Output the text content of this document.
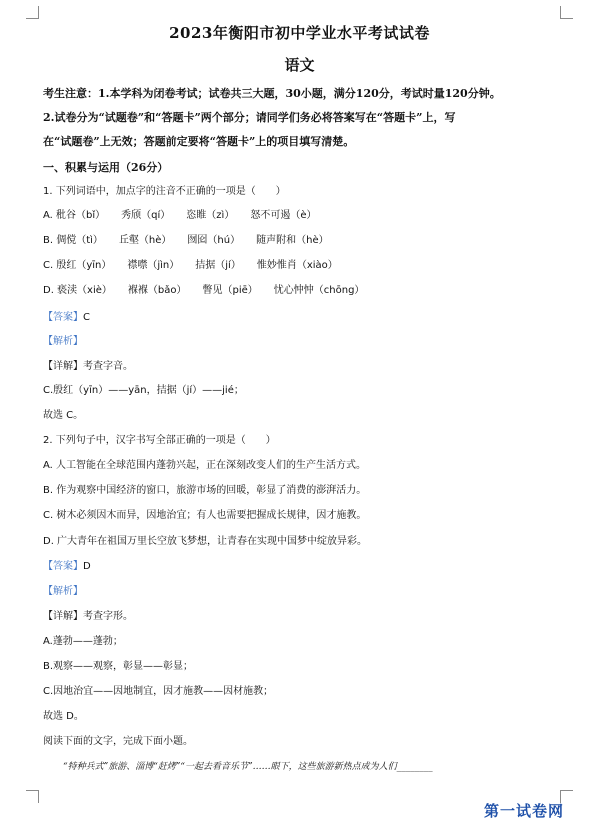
2023年衡阳市初中学业水平考试试卷
语文
考生注意：1.本学科为闭卷考试；试卷共三大题，30小题，满分120分，考试时量120分钟。
2.试卷分为“试题卷”和“答题卡”两个部分；请同学们务必将答案写在“答题卡”上，写
在“试题卷”上无效；答题前定要将“答题卡”上的项目填写清楚。
一、积累与运用（26分）
1. 下列词语中，加点字的注音不正确的一项是（　　）
A. 秕谷（bǐ） 秀颀（qí） 恣睢（zì） 怒不可遏（è）
B. 倜傥（tì） 丘壑（hè） 囫囵（hú） 随声附和（hè）
C. 殷红（yīn） 襟噤（jìn） 拮据（jí） 惟妙惟肖（xiào）
D. 亵渎（xiè） 褓褓（bǎo） 瞥见（piē） 忧心忡忡（chōng）
【答案】C
【解析】
【详解】考查字音。
C.殷红（yīn）——yān，拮据（jí）——jié；
故选 C。
2. 下列句子中，汉字书写全部正确的一项是（　　）
A. 人工智能在全球范围内蓬勃兴起，正在深刻改变人们的生产生活方式。
B. 作为观察中国经济的窗口，旅游市场的回暖，彰显了消费的澎湃活力。
C. 树木必须因木而异，因地治宜；有人也需要把握成长规律，因才施教。
D. 广大青年在祖国万里长空放飞梦想，让青春在实现中国梦中绽放异彩。
【答案】D
【解析】
【详解】考查字形。
A.蓬勃——蓬勃；
B.观察——观察，彰显——彰显；
C.因地治宜——因地制宜，因才施教——因材施教；
故选 D。
阅读下面的文字，完成下面小题。
“特种兵式”旅游、淄博“赶烤”“一起去看音乐节”……眼下，这些旅游新热点成为人们________
第一试卷网
